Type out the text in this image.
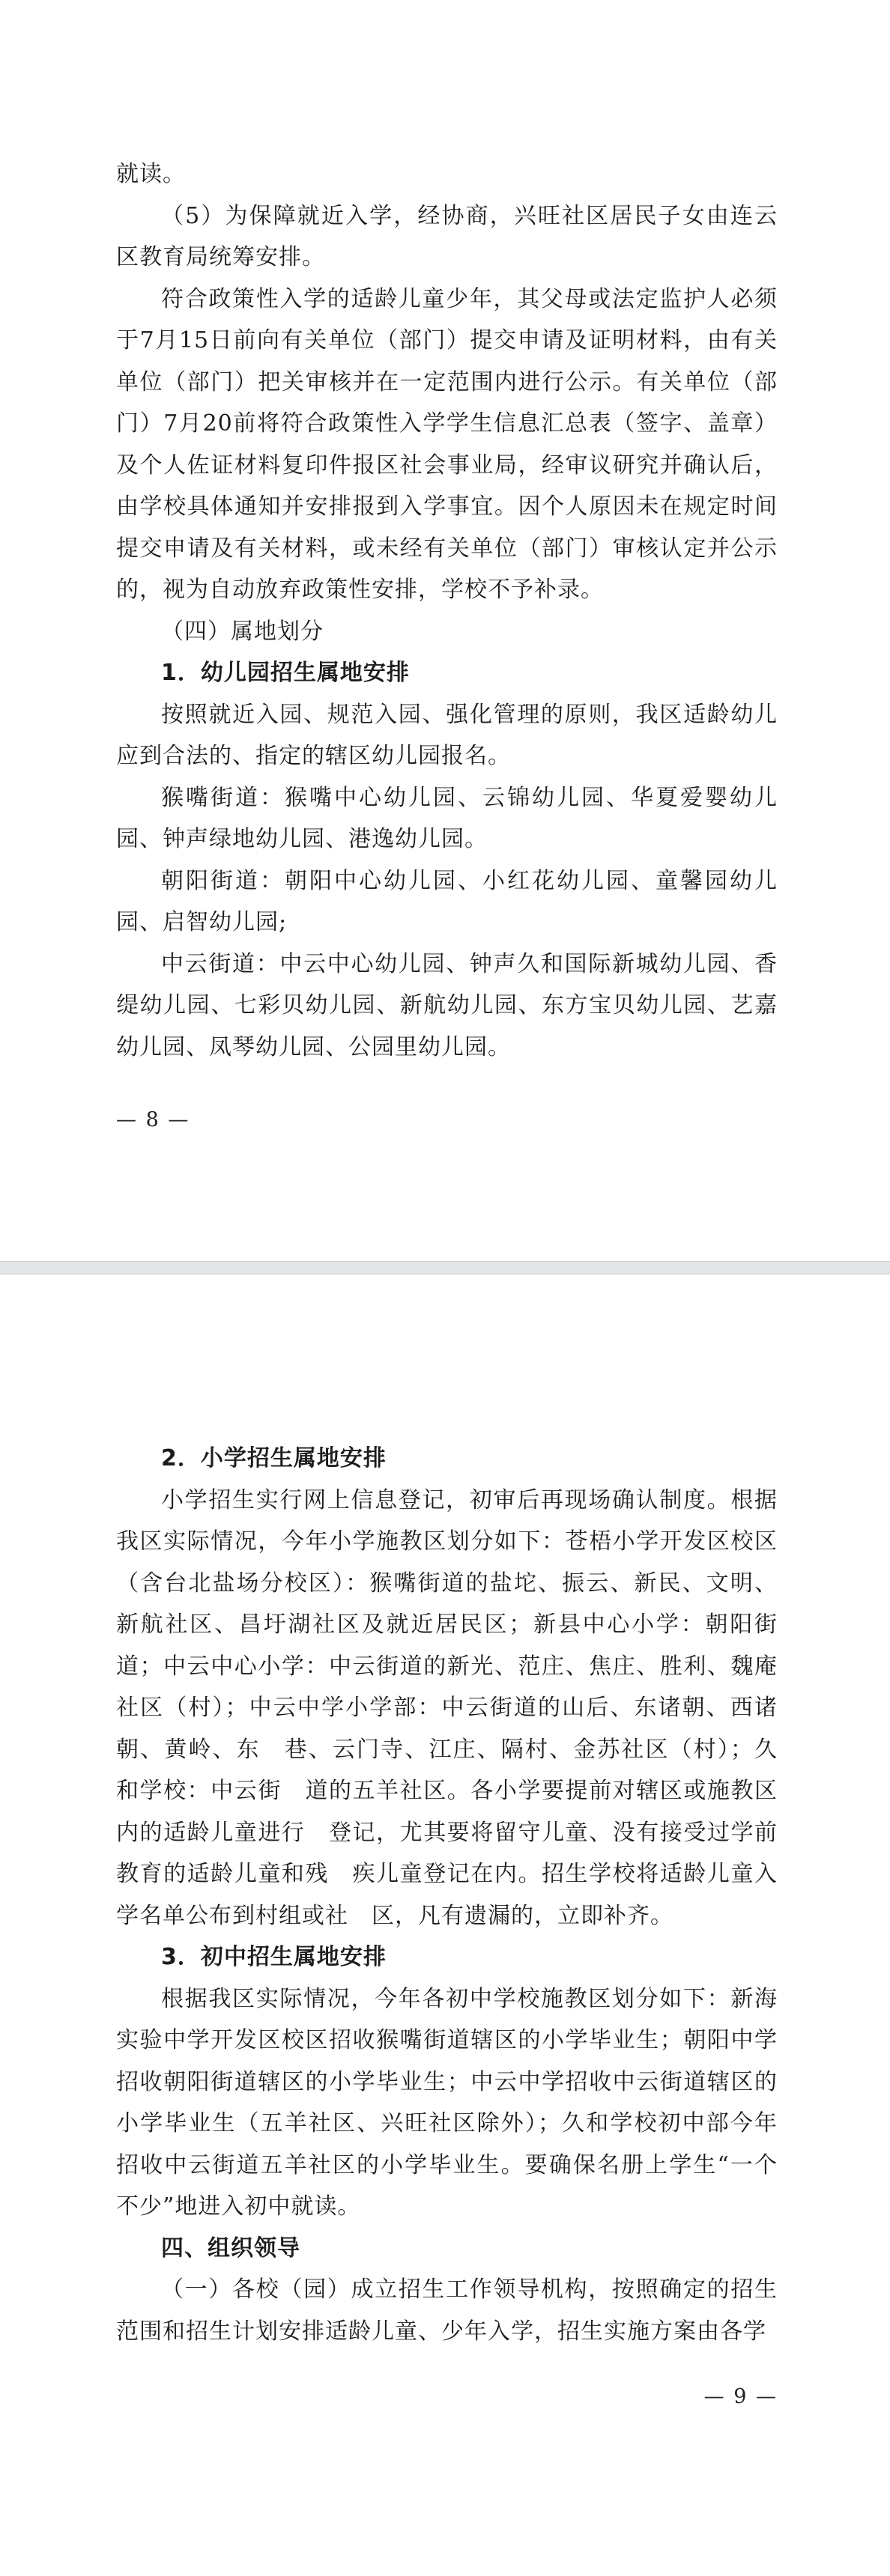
就读。

（5）为保障就近入学，经协商，兴旺社区居民子女由连云区教育局统筹安排。

符合政策性入学的适龄儿童少年，其父母或法定监护人必须于7月15日前向有关单位（部门）提交申请及证明材料，由有关单位（部门）把关审核并在一定范围内进行公示。有关单位（部门）7月20前将符合政策性入学学生信息汇总表（签字、盖章）及个人佐证材料复印件报区社会事业局，经审议研究并确认后，由学校具体通知并安排报到入学事宜。因个人原因未在规定时间提交申请及有关材料，或未经有关单位（部门）审核认定并公示的，视为自动放弃政策性安排，学校不予补录。

（四）属地划分

1．幼儿园招生属地安排

按照就近入园、规范入园、强化管理的原则，我区适龄幼儿应到合法的、指定的辖区幼儿园报名。

猴嘴街道：猴嘴中心幼儿园、云锦幼儿园、华夏爱婴幼儿园、钟声绿地幼儿园、港逸幼儿园。

朝阳街道：朝阳中心幼儿园、小红花幼儿园、童馨园幼儿园、启智幼儿园;

中云街道：中云中心幼儿园、钟声久和国际新城幼儿园、香缇幼儿园、七彩贝幼儿园、新航幼儿园、东方宝贝幼儿园、艺嘉幼儿园、凤琴幼儿园、公园里幼儿园。

— 8 —

2．小学招生属地安排

小学招生实行网上信息登记，初审后再现场确认制度。根据我区实际情况，今年小学施教区划分如下：苍梧小学开发区校区（含台北盐场分校区）：猴嘴街道的盐坨、振云、新民、文明、新航社区、昌圩湖社区及就近居民区；新县中心小学：朝阳街道；中云中心小学：中云街道的新光、范庄、焦庄、胜利、魏庵社区（村）；中云中学小学部：中云街道的山后、东诸朝、西诸朝、黄岭、东　巷、云门寺、江庄、隔村、金苏社区（村）；久和学校：中云街　道的五羊社区。各小学要提前对辖区或施教区内的适龄儿童进行　登记，尤其要将留守儿童、没有接受过学前教育的适龄儿童和残　疾儿童登记在内。招生学校将适龄儿童入学名单公布到村组或社　区，凡有遗漏的，立即补齐。

3．初中招生属地安排

根据我区实际情况，今年各初中学校施教区划分如下：新海实验中学开发区校区招收猴嘴街道辖区的小学毕业生；朝阳中学招收朝阳街道辖区的小学毕业生；中云中学招收中云街道辖区的小学毕业生（五羊社区、兴旺社区除外）；久和学校初中部今年招收中云街道五羊社区的小学毕业生。要确保名册上学生“一个不少”地进入初中就读。

四、组织领导

（一）各校（园）成立招生工作领导机构，按照确定的招生范围和招生计划安排适龄儿童、少年入学，招生实施方案由各学

— 9 —
